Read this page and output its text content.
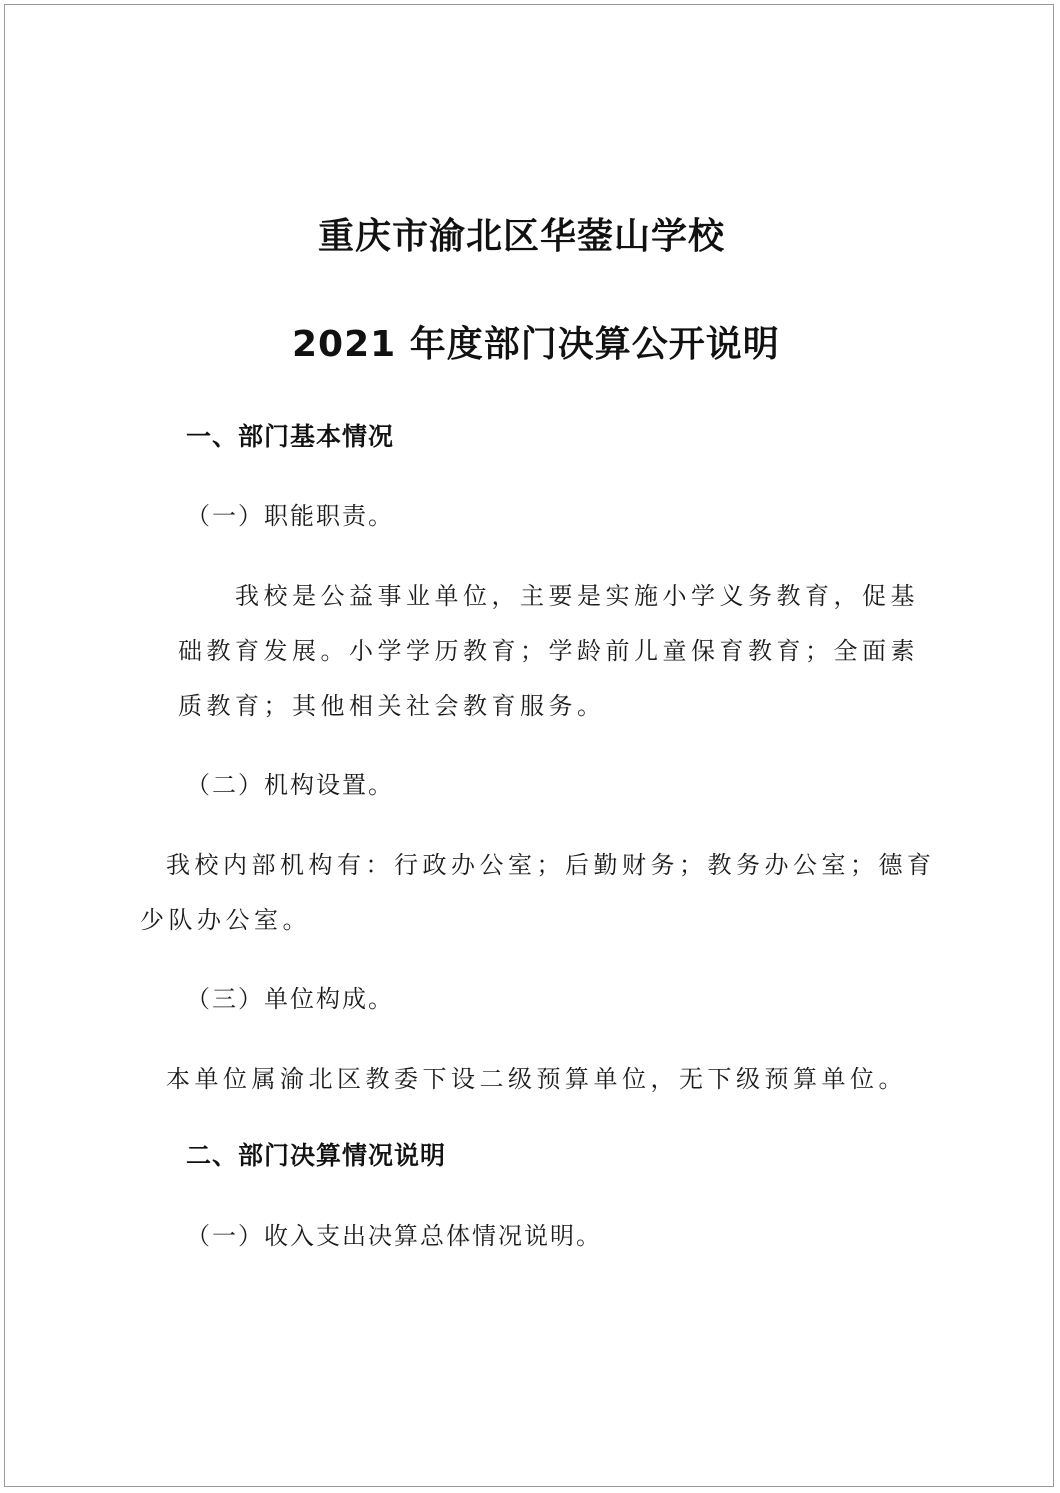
重庆市渝北区华蓥山学校
2021 年度部门决算公开说明
一、部门基本情况
（一）职能职责。
我校是公益事业单位，主要是实施小学义务教育，促基
础教育发展。小学学历教育；学龄前儿童保育教育；全面素
质教育；其他相关社会教育服务。
（二）机构设置。
我校内部机构有：行政办公室；后勤财务；教务办公室；德育
少队办公室。
（三）单位构成。
本单位属渝北区教委下设二级预算单位，无下级预算单位。
二、部门决算情况说明
（一）收入支出决算总体情况说明。
